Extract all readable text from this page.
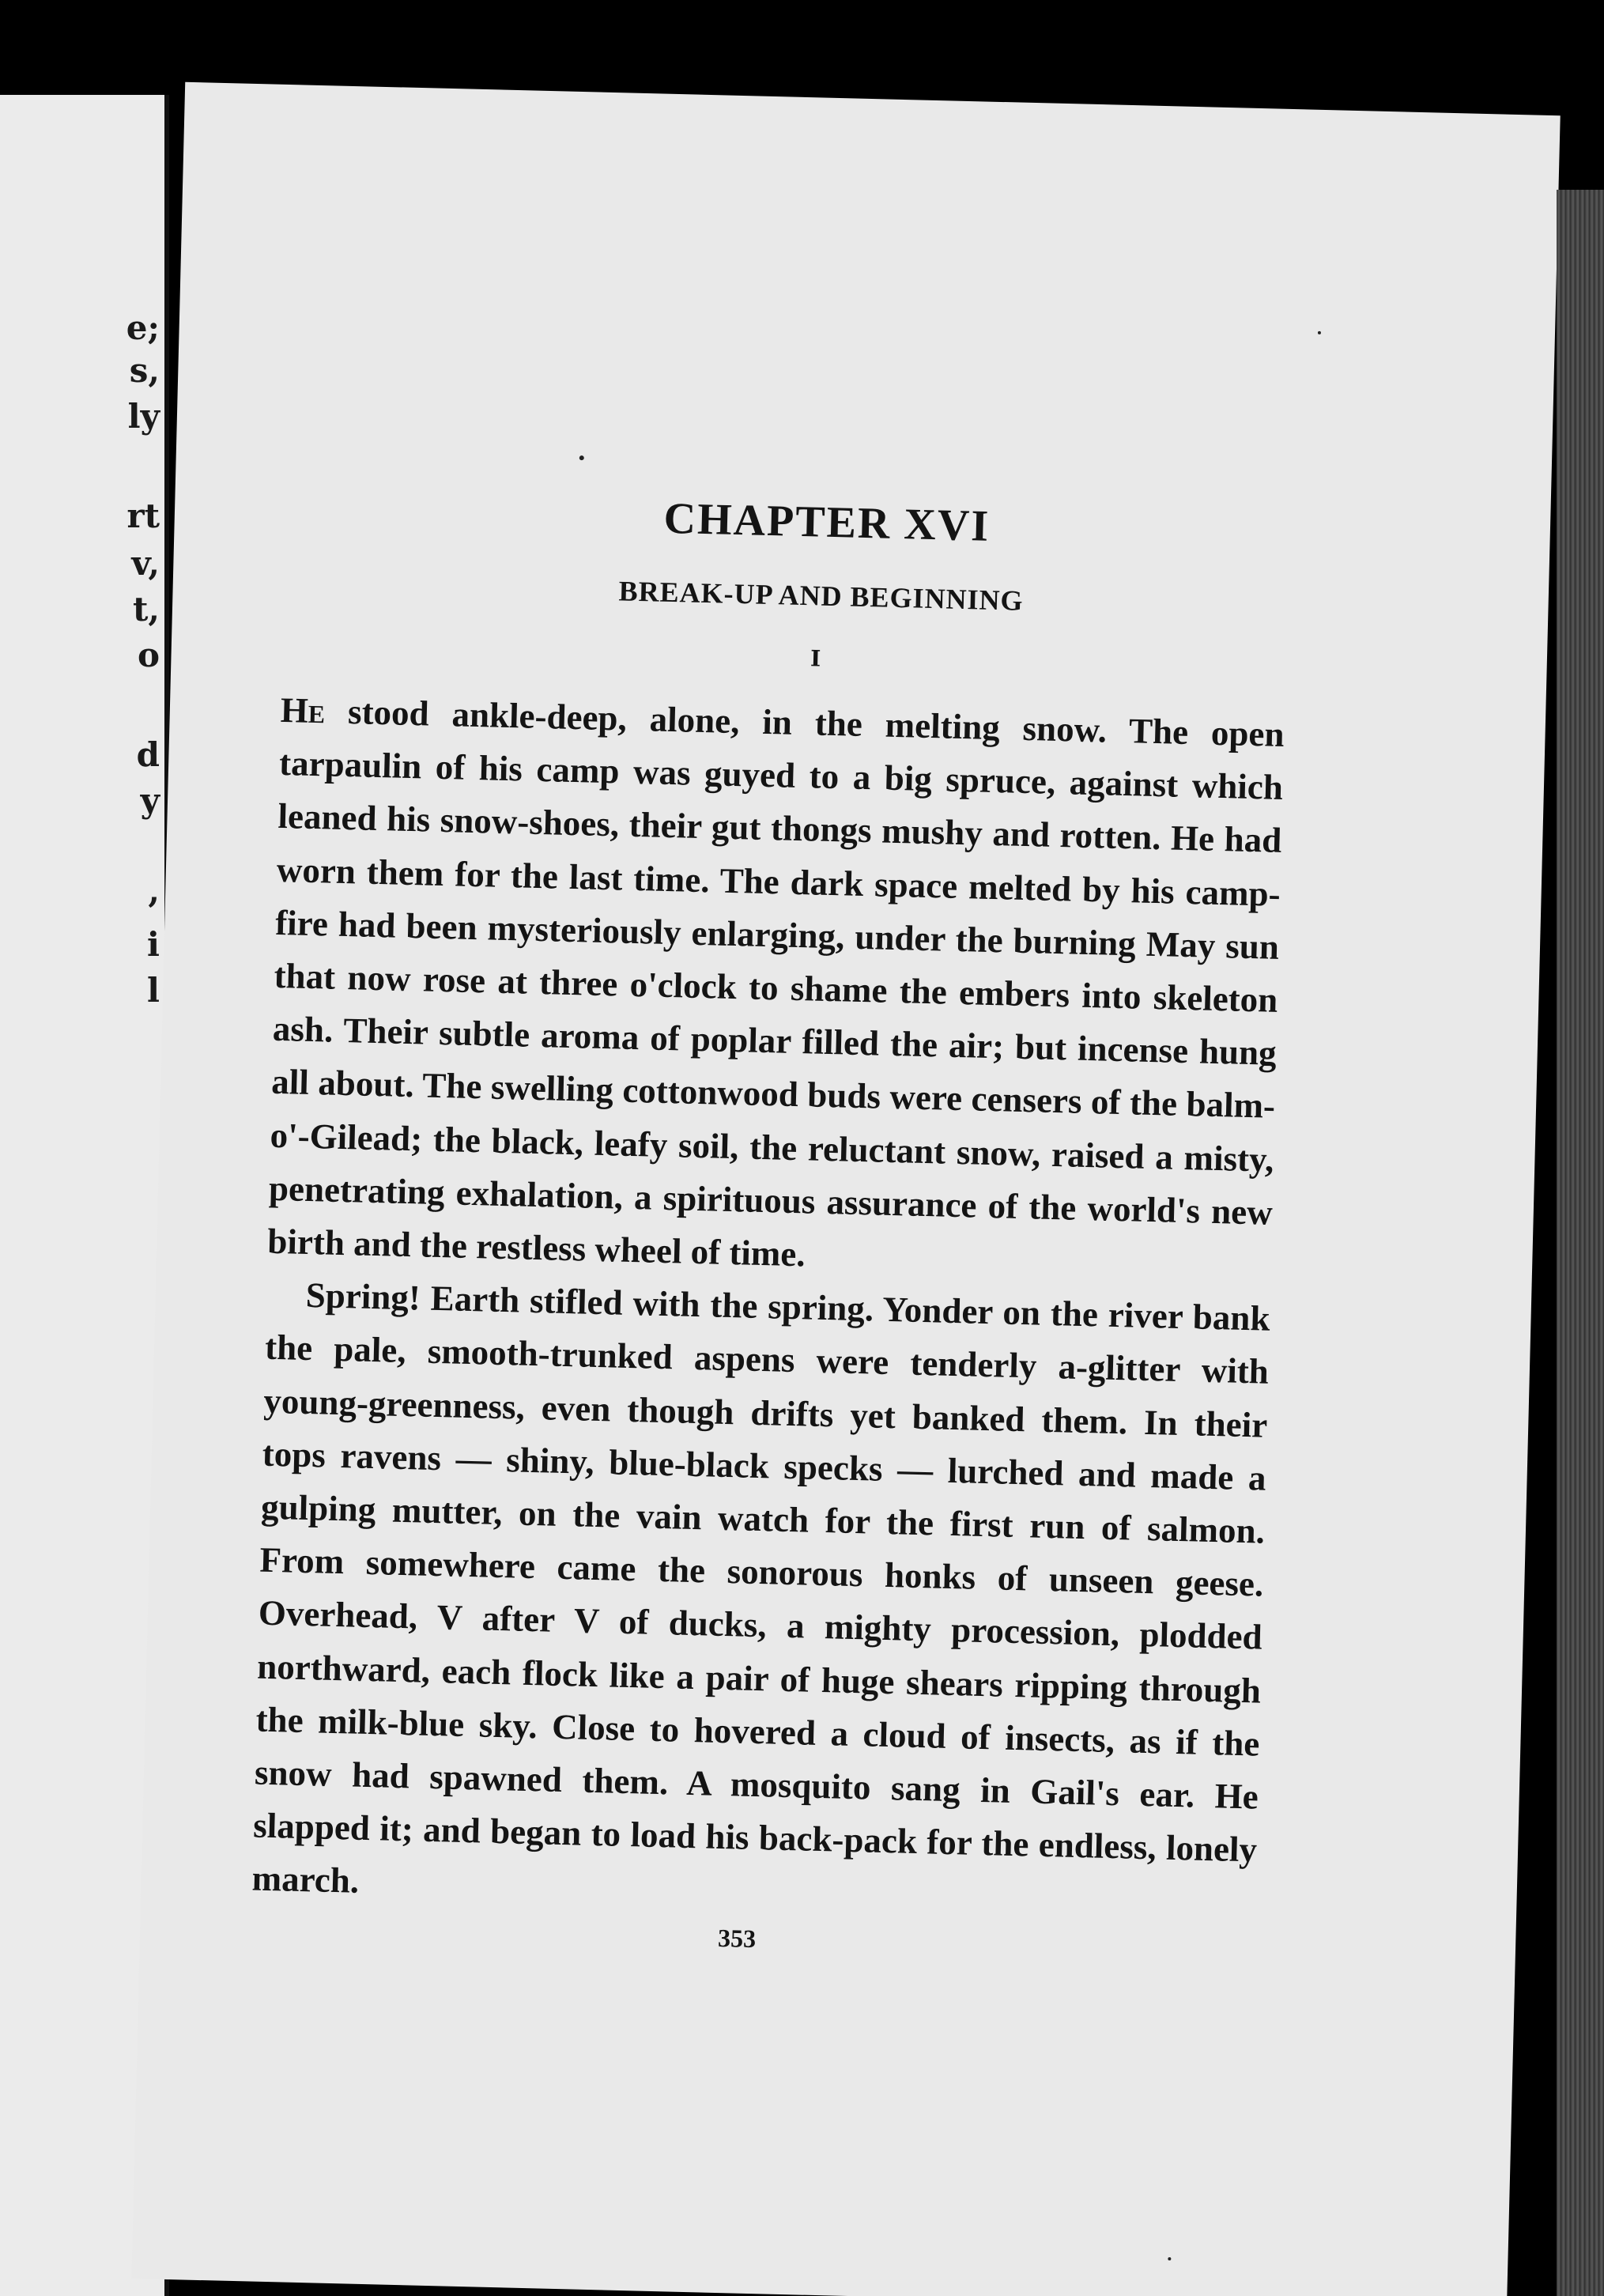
e;
s,
ly
rt
v,
t,
o
d
y
,
i
l
CHAPTER XVI
BREAK-UP AND BEGINNING
I

He stood ankle-deep, alone, in the melting snow. The open tarpaulin of his camp was guyed to a big spruce, against which leaned his snow-shoes, their gut thongs mushy and rotten. He had worn them for the last time. The dark space melted by his camp-fire had been mysteriously enlarging, under the burning May sun that now rose at three o'clock to shame the embers into skeleton ash. Their subtle aroma of poplar filled the air; but incense hung all about. The swelling cottonwood buds were censers of the balm-o'-Gilead; the black, leafy soil, the reluctant snow, raised a misty, penetrating exhalation, a spirituous assurance of the world's new birth and the restless wheel of time.

Spring! Earth stifled with the spring. Yonder on the river bank the pale, smooth-trunked aspens were tenderly a-glitter with young-greenness, even though drifts yet banked them. In their tops ravens — shiny, blue-black specks — lurched and made a gulping mutter, on the vain watch for the first run of salmon. From somewhere came the sonorous honks of unseen geese. Overhead, V after V of ducks, a mighty procession, plodded northward, each flock like a pair of huge shears ripping through the milk-blue sky. Close to hovered a cloud of insects, as if the snow had spawned them. A mosquito sang in Gail's ear. He slapped it; and began to load his back-pack for the endless, lonely march.

353
